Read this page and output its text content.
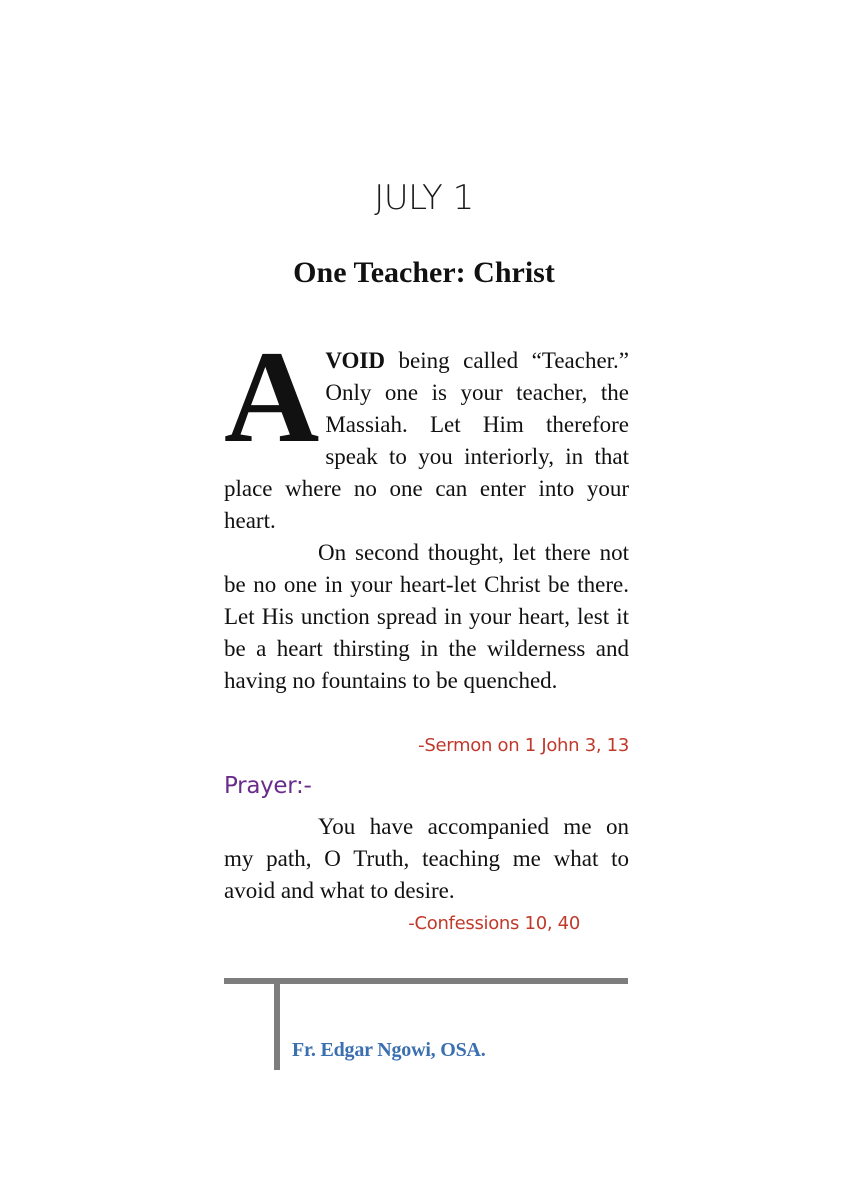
JULY 1
One Teacher: Christ
AVOID being called “Teacher.” Only one is your teacher, the Massiah. Let Him therefore speak to you interiorly, in that place where no one can enter into your heart.
On second thought, let there not be no one in your heart-let Christ be there. Let His unction spread in your heart, lest it be a heart thirsting in the wilderness and having no fountains to be quenched.
-Sermon on 1 John 3, 13
Prayer:-
You have accompanied me on my path, O Truth, teaching me what to avoid and what to desire.
-Confessions 10, 40
Fr. Edgar Ngowi, OSA.
